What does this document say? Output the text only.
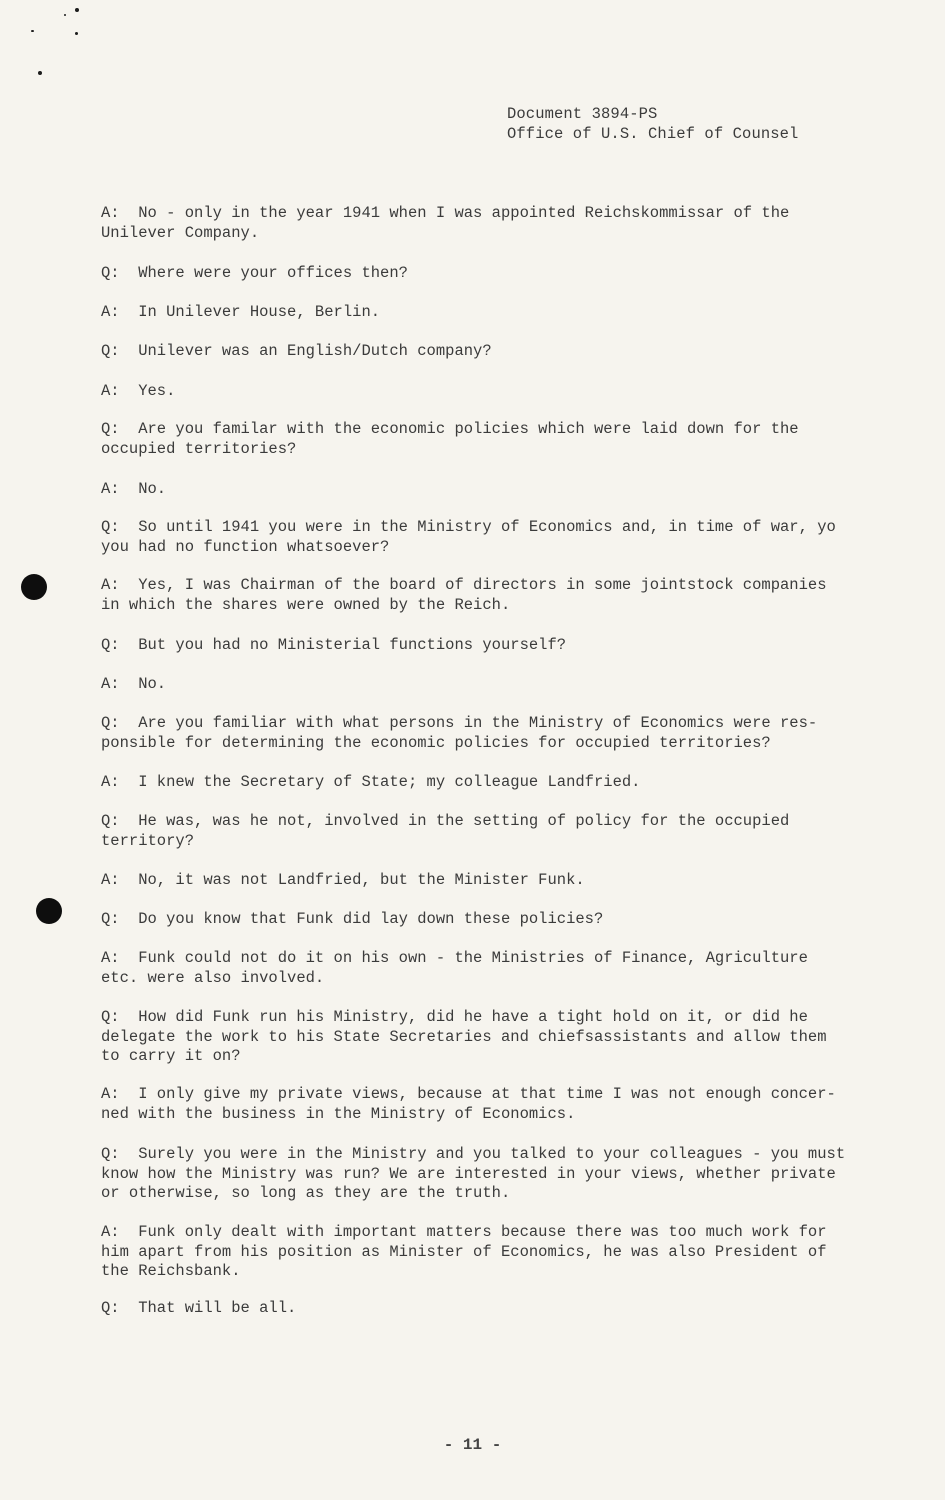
Document 3894-PS
Office of U.S. Chief of Counsel
A:  No - only in the year 1941 when I was appointed Reichskommissar of the
Unilever Company.
Q:  Where were your offices then?
A:  In Unilever House, Berlin.
Q:  Unilever was an English/Dutch company?
A:  Yes.
Q:  Are you familar with the economic policies which were laid down for the
occupied territories?
A:  No.
Q:  So until 1941 you were in the Ministry of Economics and, in time of war, yo
you had no function whatsoever?
A:  Yes, I was Chairman of the board of directors in some jointstock companies
in which the shares were owned by the Reich.
Q:  But you had no Ministerial functions yourself?
A:  No.
Q:  Are you familiar with what persons in the Ministry of Economics were res-
ponsible for determining the economic policies for occupied territories?
A:  I knew the Secretary of State; my colleague Landfried.
Q:  He was, was he not, involved in the setting of policy for the occupied
territory?
A:  No, it was not Landfried, but the Minister Funk.
Q:  Do you know that Funk did lay down these policies?
A:  Funk could not do it on his own - the Ministries of Finance, Agriculture
etc. were also involved.
Q:  How did Funk run his Ministry, did he have a tight hold on it, or did he
delegate the work to his State Secretaries and chiefsassistants and allow them
to carry it on?
A:  I only give my private views, because at that time I was not enough concer-
ned with the business in the Ministry of Economics.
Q:  Surely you were in the Ministry and you talked to your colleagues - you must
know how the Ministry was run? We are interested in your views, whether private
or otherwise, so long as they are the truth.
A:  Funk only dealt with important matters because there was too much work for
him apart from his position as Minister of Economics, he was also President of
the Reichsbank.
Q:  That will be all.
- 11 -
